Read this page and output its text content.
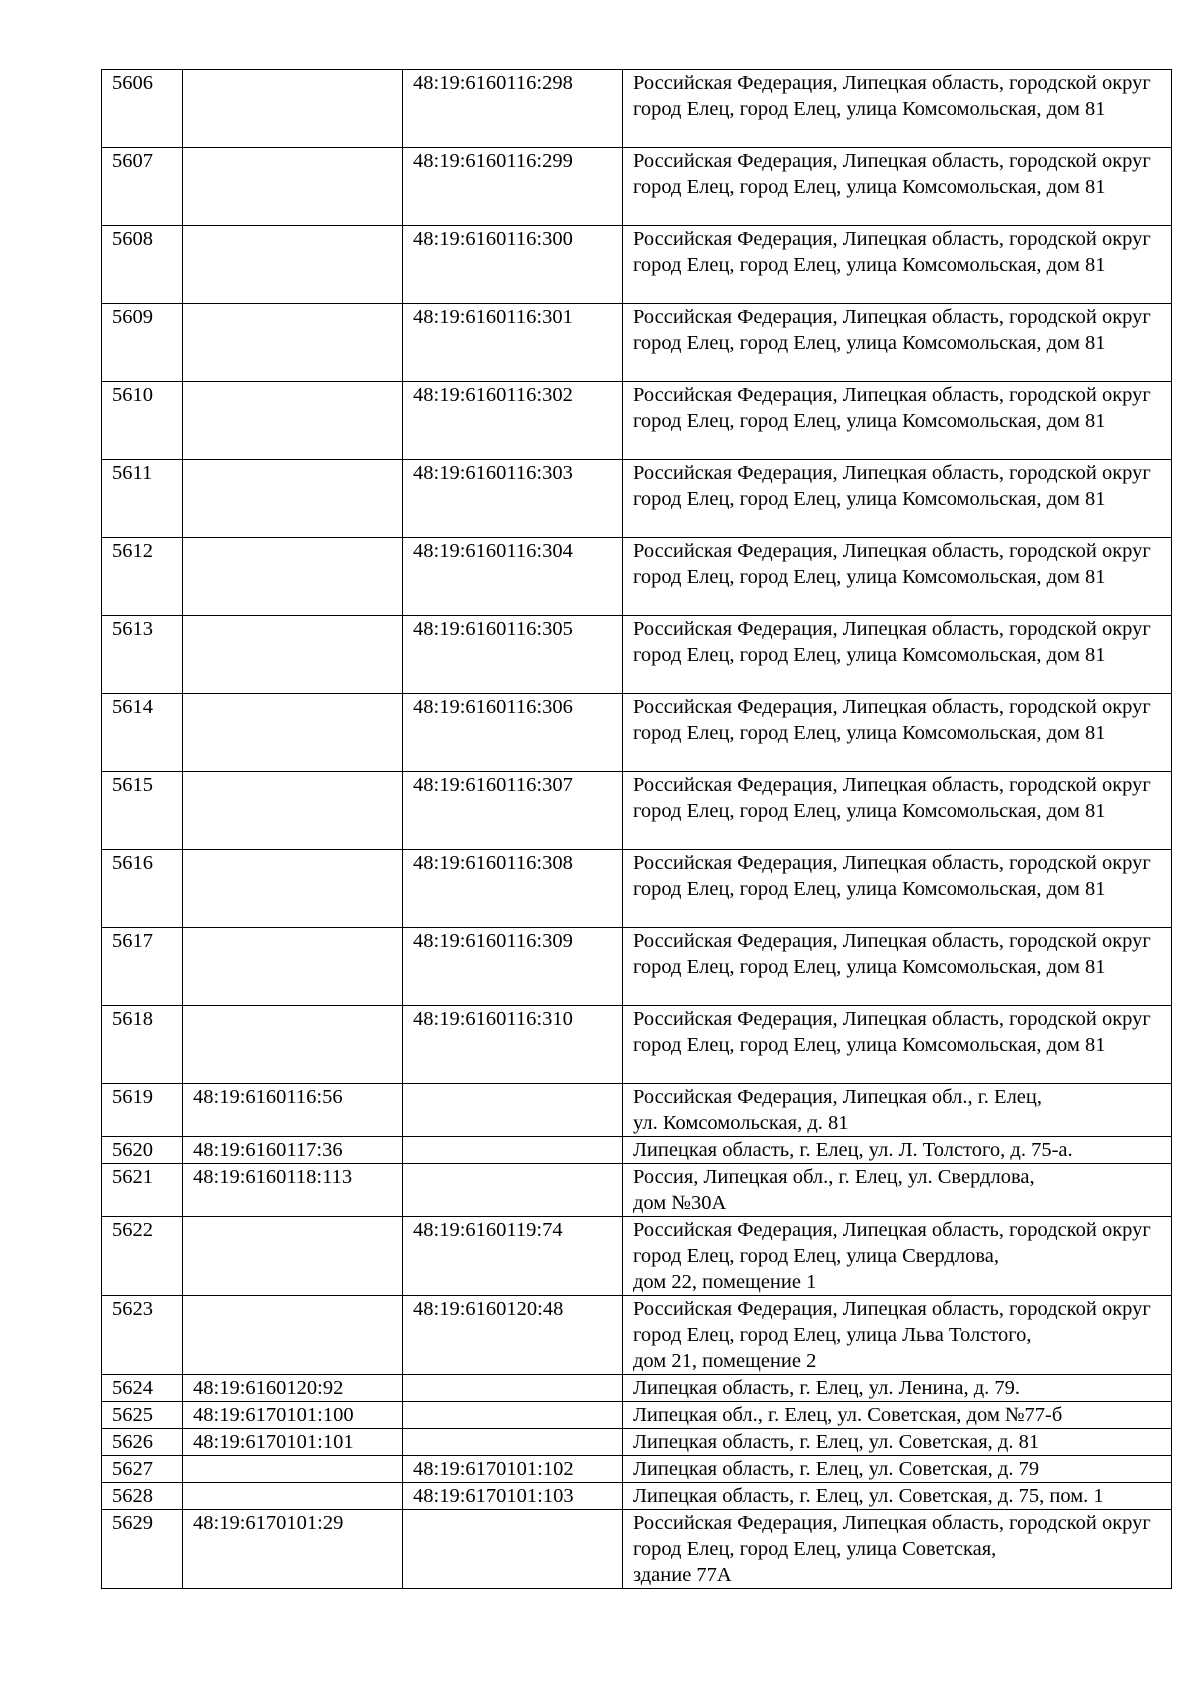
5606		48:19:6160116:298	Российская Федерация, Липецкая область, городской округ город Елец, город Елец, улица Комсомольская, дом 81
5607		48:19:6160116:299	Российская Федерация, Липецкая область, городской округ город Елец, город Елец, улица Комсомольская, дом 81
5608		48:19:6160116:300	Российская Федерация, Липецкая область, городской округ город Елец, город Елец, улица Комсомольская, дом 81
5609		48:19:6160116:301	Российская Федерация, Липецкая область, городской округ город Елец, город Елец, улица Комсомольская, дом 81
5610		48:19:6160116:302	Российская Федерация, Липецкая область, городской округ город Елец, город Елец, улица Комсомольская, дом 81
5611		48:19:6160116:303	Российская Федерация, Липецкая область, городской округ город Елец, город Елец, улица Комсомольская, дом 81
5612		48:19:6160116:304	Российская Федерация, Липецкая область, городской округ город Елец, город Елец, улица Комсомольская, дом 81
5613		48:19:6160116:305	Российская Федерация, Липецкая область, городской округ город Елец, город Елец, улица Комсомольская, дом 81
5614		48:19:6160116:306	Российская Федерация, Липецкая область, городской округ город Елец, город Елец, улица Комсомольская, дом 81
5615		48:19:6160116:307	Российская Федерация, Липецкая область, городской округ город Елец, город Елец, улица Комсомольская, дом 81
5616		48:19:6160116:308	Российская Федерация, Липецкая область, городской округ город Елец, город Елец, улица Комсомольская, дом 81
5617		48:19:6160116:309	Российская Федерация, Липецкая область, городской округ город Елец, город Елец, улица Комсомольская, дом 81
5618		48:19:6160116:310	Российская Федерация, Липецкая область, городской округ город Елец, город Елец, улица Комсомольская, дом 81
5619	48:19:6160116:56		Российская Федерация, Липецкая обл., г. Елец,
ул. Комсомольская, д. 81
5620	48:19:6160117:36		Липецкая область, г. Елец, ул. Л. Толстого, д. 75-а.
5621	48:19:6160118:113		Россия, Липецкая обл., г. Елец, ул. Свердлова,
дом №30А
5622		48:19:6160119:74	Российская Федерация, Липецкая область, городской округ город Елец, город Елец, улица Свердлова,
дом 22, помещение 1
5623		48:19:6160120:48	Российская Федерация, Липецкая область, городской округ город Елец, город Елец, улица Льва Толстого,
дом 21, помещение 2
5624	48:19:6160120:92		Липецкая область, г. Елец, ул. Ленина, д. 79.
5625	48:19:6170101:100		Липецкая обл., г. Елец, ул. Советская, дом №77-б
5626	48:19:6170101:101		Липецкая область, г. Елец, ул. Советская, д. 81
5627		48:19:6170101:102	Липецкая область, г. Елец, ул. Советская, д. 79
5628		48:19:6170101:103	Липецкая область, г. Елец, ул. Советская, д. 75, пом. 1
5629	48:19:6170101:29		Российская Федерация, Липецкая область, городской округ город Елец, город Елец, улица Советская,
здание 77А
